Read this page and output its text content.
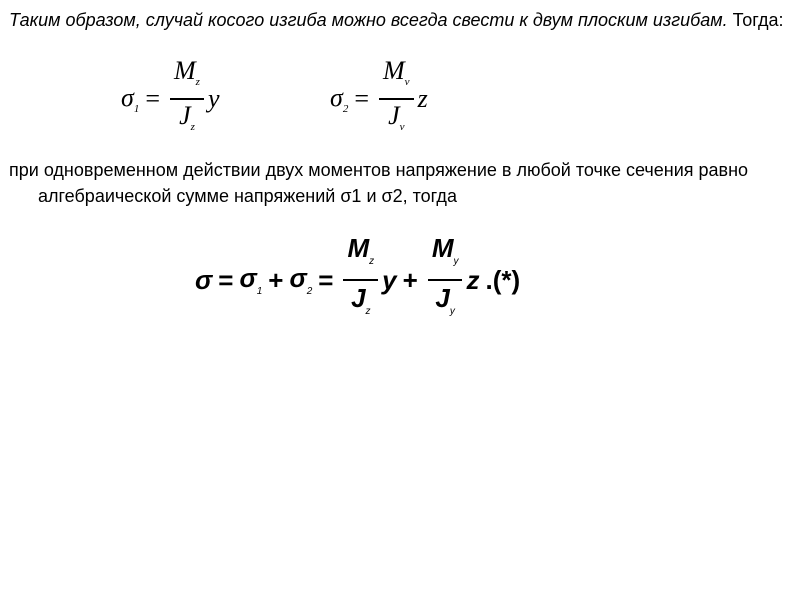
Таким образом, случай косого изгиба можно всегда свести к двум плоским изгибам. Тогда:

$\sigma_1 = \frac{M_z}{J_z}$ y	$\sigma_2 = \frac{M_v}{J_v}$ z

при одновременном действии двух моментов напряжение в любой точке сечения равно алгебраической сумме напряжений σ1 и σ2, тогда

$\sigma = \sigma_1 + \sigma_2 = \frac{M_z}{J_z}$ $y + \frac{M_y}{J_y}$ z .(*)
